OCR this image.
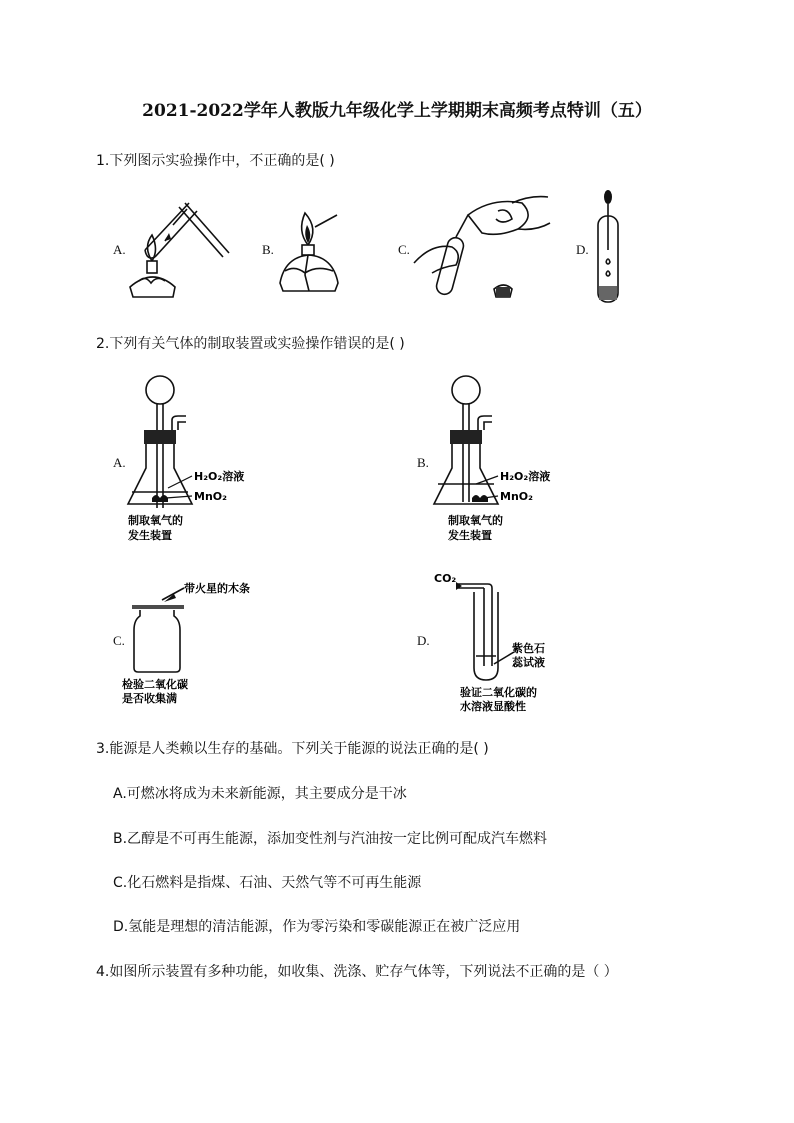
2021-2022学年人教版九年级化学上学期期末高频考点特训（五）
1.下列图示实验操作中，不正确的是( )
A.	B.	C.	D.
2.下列有关气体的制取装置或实验操作错误的是( )
A.	B.
C.	D.
H₂O₂溶液
MnO₂
制取氧气的
发生装置
H₂O₂溶液
MnO₂
制取氧气的
发生装置
带火星的木条
检验二氧化碳
是否收集满
CO₂
紫色石
蕊试液
验证二氧化碳的
水溶液显酸性
3.能源是人类赖以生存的基础。下列关于能源的说法正确的是( )
A.可燃冰将成为未来新能源，其主要成分是干冰
B.乙醇是不可再生能源，添加变性剂与汽油按一定比例可配成汽车燃料
C.化石燃料是指煤、石油、天然气等不可再生能源
D.氢能是理想的清洁能源，作为零污染和零碳能源正在被广泛应用
4.如图所示装置有多种功能，如收集、洗涤、贮存气体等，下列说法不正确的是（ ）
